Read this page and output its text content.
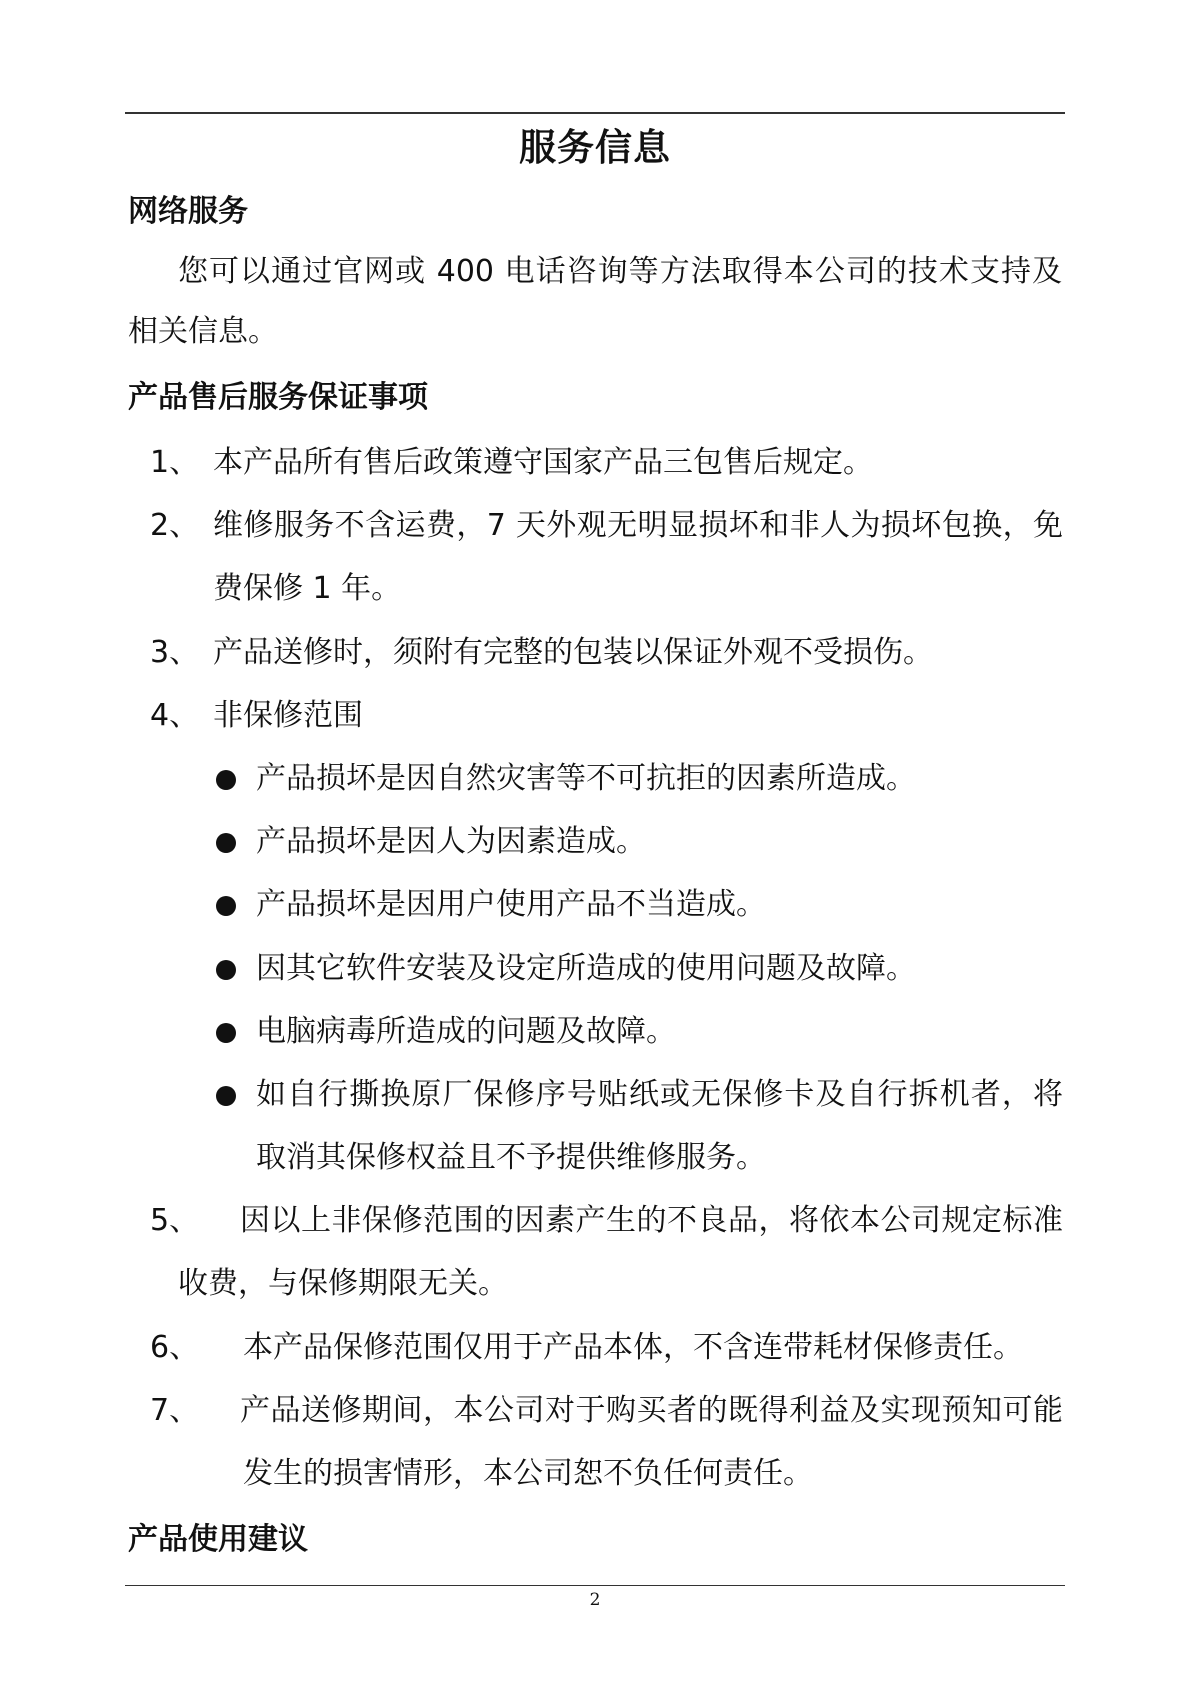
服务信息
网络服务
您可以通过官网或 400 电话咨询等方法取得本公司的技术支持及
相关信息。
产品售后服务保证事项
1、 本产品所有售后政策遵守国家产品三包售后规定。
2、 维修服务不含运费，7 天外观无明显损坏和非人为损坏包换，免
费保修 1 年。
3、 产品送修时，须附有完整的包装以保证外观不受损伤。
4、 非保修范围
产品损坏是因自然灾害等不可抗拒的因素所造成。
产品损坏是因人为因素造成。
产品损坏是因用户使用产品不当造成。
因其它软件安装及设定所造成的使用问题及故障。
电脑病毒所造成的问题及故障。
如自行撕换原厂保修序号贴纸或无保修卡及自行拆机者，将
取消其保修权益且不予提供维修服务。
5、 因以上非保修范围的因素产生的不良品，将依本公司规定标准
收费，与保修期限无关。
6、 本产品保修范围仅用于产品本体，不含连带耗材保修责任。
7、 产品送修期间，本公司对于购买者的既得利益及实现预知可能
发生的损害情形，本公司恕不负任何责任。
产品使用建议
2
